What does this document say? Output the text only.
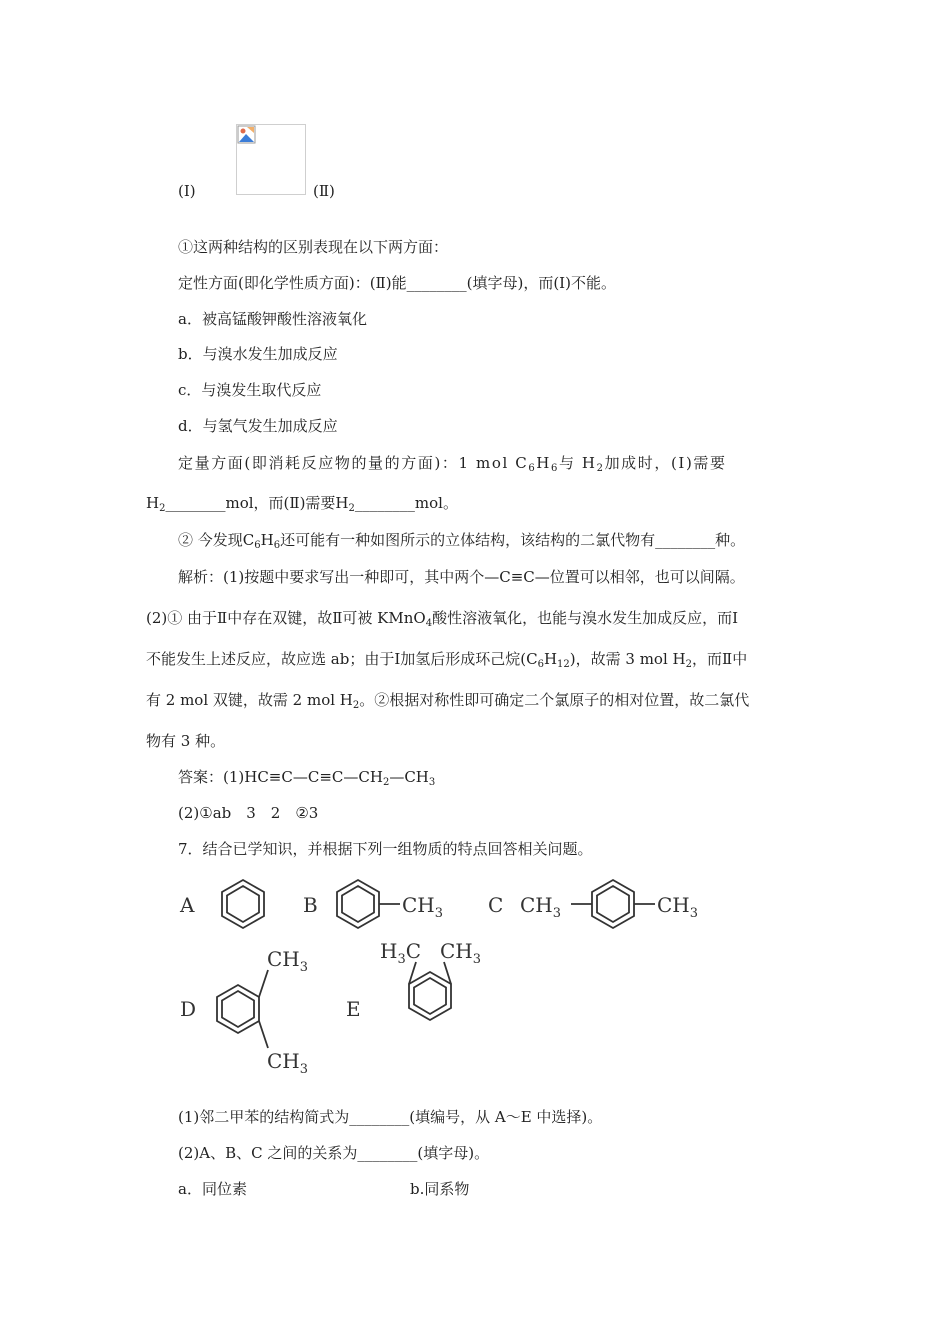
(Ⅰ)	(Ⅱ)
①这两种结构的区别表现在以下两方面：
定性方面(即化学性质方面)：(Ⅱ)能________(填字母)，而(Ⅰ)不能。
a．被高锰酸钾酸性溶液氧化
b．与溴水发生加成反应
c．与溴发生取代反应
d．与氢气发生加成反应
定量方面(即消耗反应物的量的方面)：1 mol $C_6H_6$与 $H_2$加成时，(Ⅰ)需要
$H_2\_\_\_\_\_\_\_\_mol$，而(Ⅱ)需要$H_2\_\_\_\_\_\_\_\_mol$。
② 今发现$C_6H_6$还可能有一种如图所示的立体结构，该结构的二氯代物有________种。
解析：(1)按题中要求写出一种即可，其中两个—C≡C—位置可以相邻，也可以间隔。
(2)① 由于Ⅱ中存在双键，故Ⅱ可被 KMnO$_4$酸性溶液氧化，也能与溴水发生加成反应，而Ⅰ
不能发生上述反应，故应选 ab；由于Ⅰ加氢后形成环己烷$(C_6H_{12})$，故需 3 mol $H_2$，而Ⅱ中
有 2 mol 双键，故需 2 mol $H_2$。②根据对称性即可确定二个氯原子的相对位置，故二氯代
物有 3 种。
答案：$(1)HC\equiv C—C\equiv C—CH_2—CH_3$
(2)①ab　3　2　②3
7．结合已学知识，并根据下列一组物质的特点回答相关问题。
A	B	$CH_3$ C $CH_3$	$CH_3$
D
$CH_3$
$CH_3$
E
$H_3C$ $CH_3$
(1)邻二甲苯的结构简式为________(填编号，从 A～E 中选择)。
(2)A、B、C 之间的关系为________(填字母)。
a．同位素	b.同系物
